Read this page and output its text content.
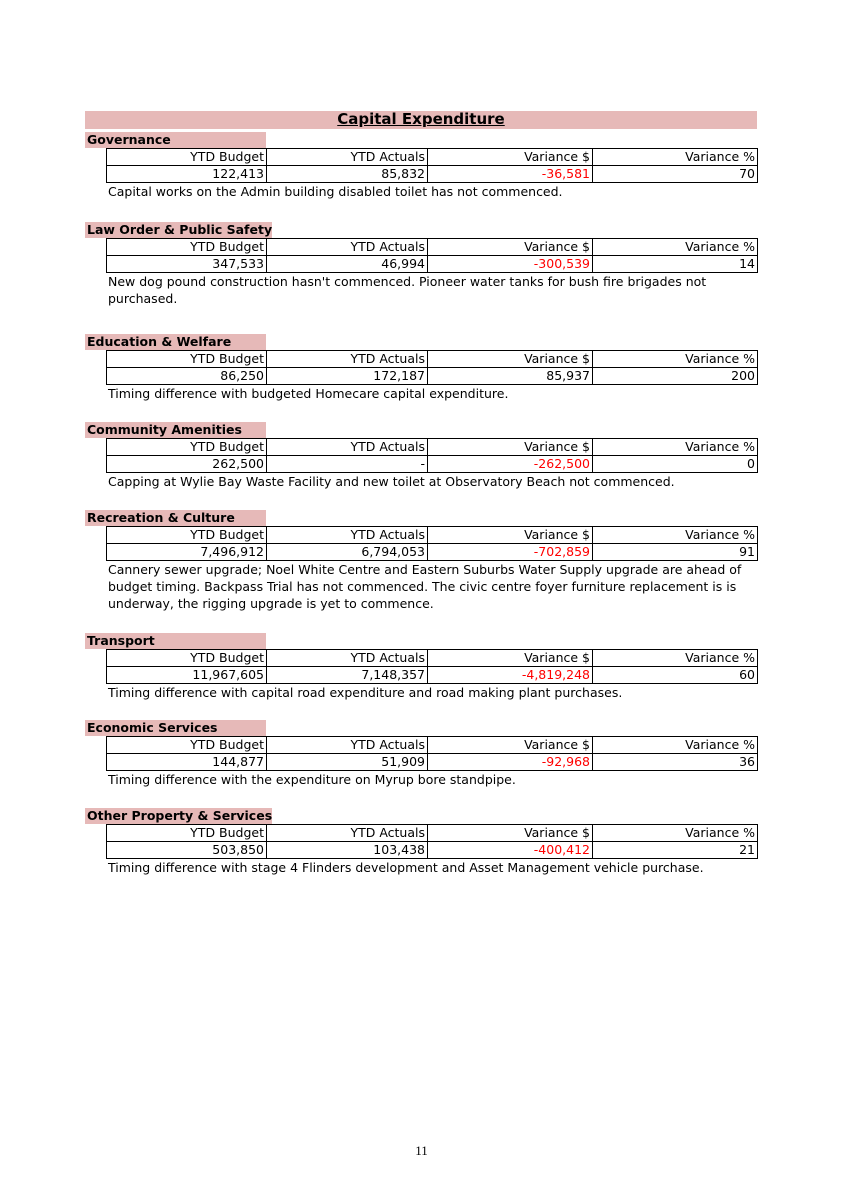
Capital Expenditure
Governance
YTD Budget	YTD Actuals	Variance $	Variance %
122,413	85,832	-36,581	70
Capital works on the Admin building disabled toilet has not commenced.
Law Order & Public Safety
YTD Budget	YTD Actuals	Variance $	Variance %
347,533	46,994	-300,539	14
New dog pound construction hasn't commenced. Pioneer water tanks for bush fire brigades not purchased.
Education & Welfare
YTD Budget	YTD Actuals	Variance $	Variance %
86,250	172,187	85,937	200
Timing difference with budgeted Homecare capital expenditure.
Community Amenities
YTD Budget	YTD Actuals	Variance $	Variance %
262,500	-	-262,500	0
Capping at Wylie Bay Waste Facility and new toilet at Observatory Beach not commenced.
Recreation & Culture
YTD Budget	YTD Actuals	Variance $	Variance %
7,496,912	6,794,053	-702,859	91
Cannery sewer upgrade; Noel White Centre and Eastern Suburbs Water Supply upgrade are ahead of budget timing. Backpass Trial has not commenced. The civic centre foyer furniture replacement is is underway, the rigging upgrade is yet to commence.
Transport
YTD Budget	YTD Actuals	Variance $	Variance %
11,967,605	7,148,357	-4,819,248	60
Timing difference with capital road expenditure and road making plant purchases.
Economic Services
YTD Budget	YTD Actuals	Variance $	Variance %
144,877	51,909	-92,968	36
Timing difference with the expenditure on Myrup bore standpipe.
Other Property & Services
YTD Budget	YTD Actuals	Variance $	Variance %
503,850	103,438	-400,412	21
Timing difference with stage 4 Flinders development and Asset Management vehicle purchase.
11
